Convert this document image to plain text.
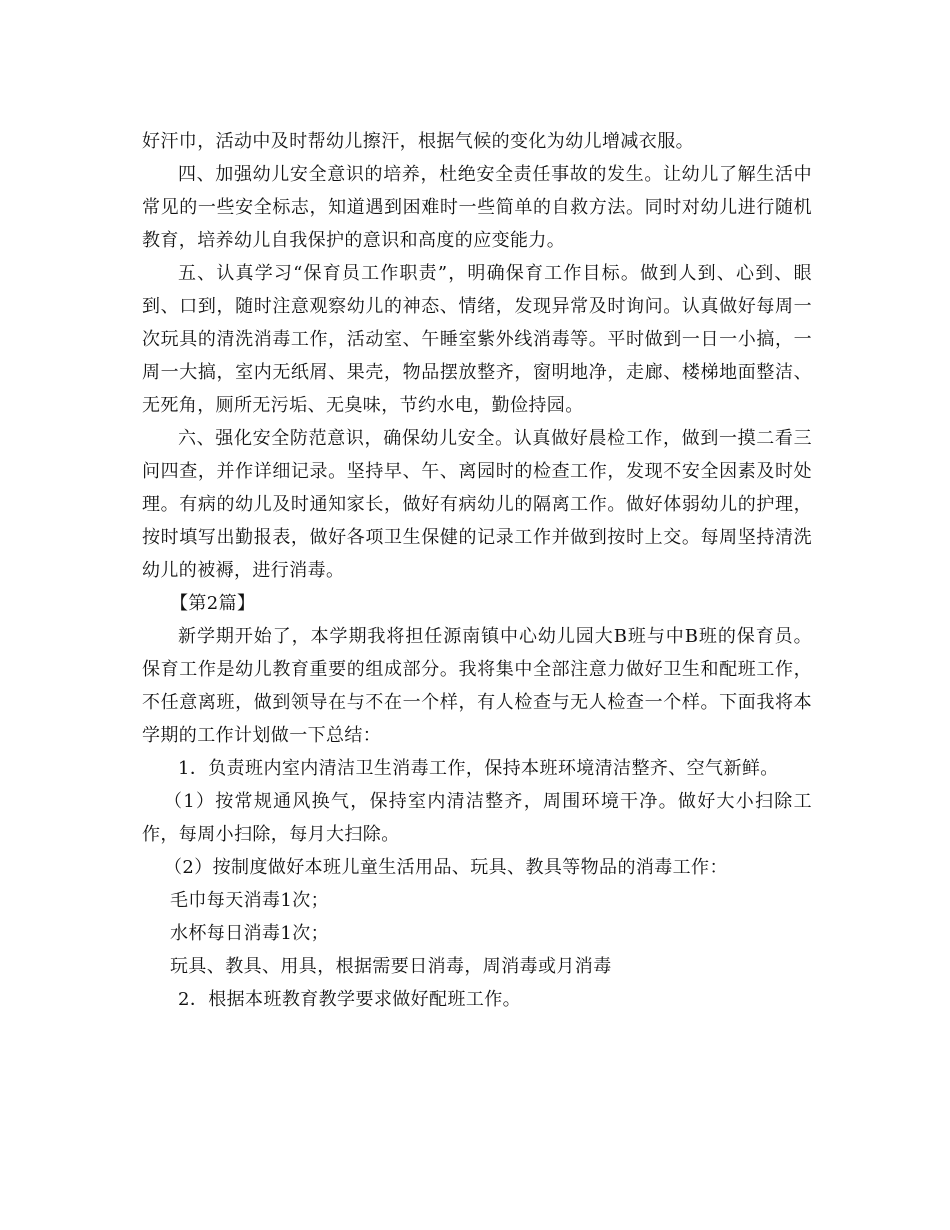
好汗巾，活动中及时帮幼儿擦汗，根据气候的变化为幼儿增减衣服。

四、加强幼儿安全意识的培养，杜绝安全责任事故的发生。让幼儿了解生活中常见的一些安全标志，知道遇到困难时一些简单的自救方法。同时对幼儿进行随机教育，培养幼儿自我保护的意识和高度的应变能力。

五、认真学习“保育员工作职责”，明确保育工作目标。做到人到、心到、眼到、口到，随时注意观察幼儿的神态、情绪，发现异常及时询问。认真做好每周一次玩具的清洗消毒工作，活动室、午睡室紫外线消毒等。平时做到一日一小搞，一周一大搞，室内无纸屑、果壳，物品摆放整齐，窗明地净，走廊、楼梯地面整洁、无死角，厕所无污垢、无臭味，节约水电，勤俭持园。

六、强化安全防范意识，确保幼儿安全。认真做好晨检工作，做到一摸二看三问四查，并作详细记录。坚持早、午、离园时的检查工作，发现不安全因素及时处理。有病的幼儿及时通知家长，做好有病幼儿的隔离工作。做好体弱幼儿的护理，按时填写出勤报表，做好各项卫生保健的记录工作并做到按时上交。每周坚持清洗幼儿的被褥，进行消毒。

【第2篇】

新学期开始了，本学期我将担任源南镇中心幼儿园大B班与中B班的保育员。保育工作是幼儿教育重要的组成部分。我将集中全部注意力做好卫生和配班工作，不任意离班，做到领导在与不在一个样，有人检查与无人检查一个样。下面我将本学期的工作计划做一下总结：

1．负责班内室内清洁卫生消毒工作，保持本班环境清洁整齐、空气新鲜。

（1）按常规通风换气，保持室内清洁整齐，周围环境干净。做好大小扫除工作，每周小扫除，每月大扫除。

（2）按制度做好本班儿童生活用品、玩具、教具等物品的消毒工作：

毛巾每天消毒1次；

水杯每日消毒1次；

玩具、教具、用具，根据需要日消毒，周消毒或月消毒

2．根据本班教育教学要求做好配班工作。
